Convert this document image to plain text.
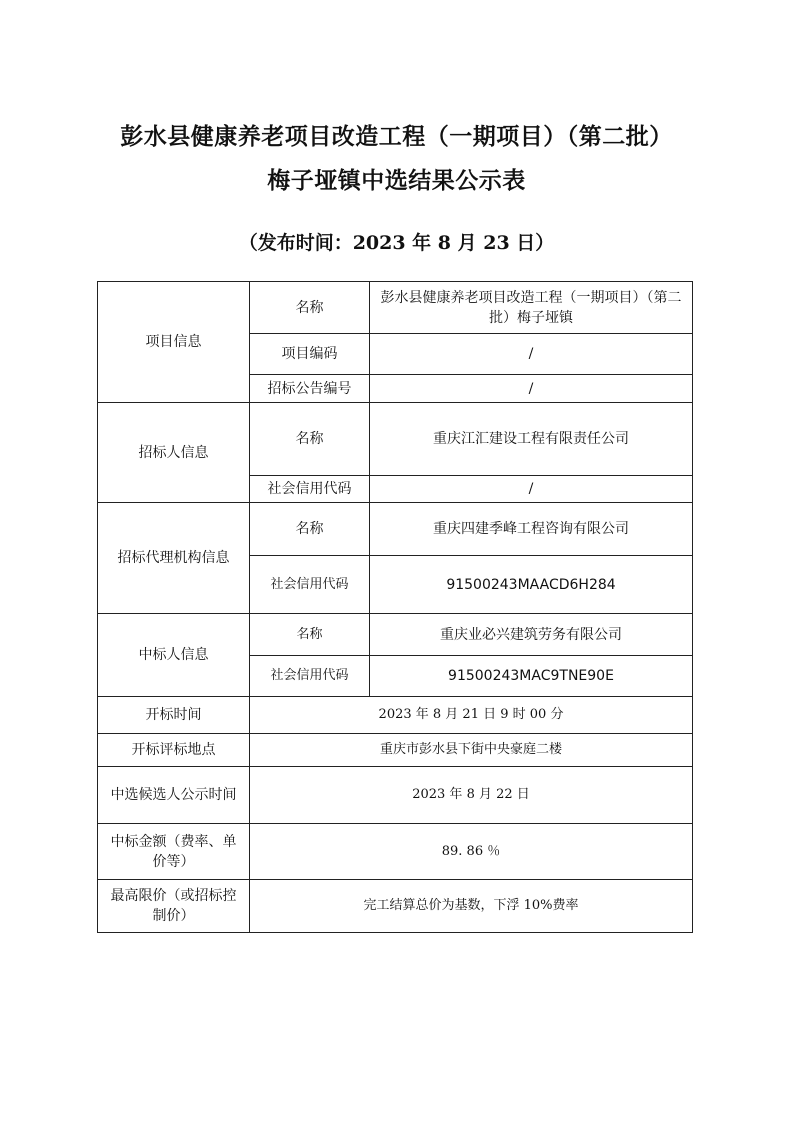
彭水县健康养老项目改造工程（一期项目）（第二批）
梅子垭镇中选结果公示表
（发布时间：2023 年 8 月 23 日）
项目信息	名称	彭水县健康养老项目改造工程（一期项目）（第二批）梅子垭镇
	项目编码	/
	招标公告编号	/
招标人信息	名称	重庆江汇建设工程有限责任公司
	社会信用代码	/
招标代理机构信息	名称	重庆四建季峰工程咨询有限公司
	社会信用代码	91500243MAACD6H284
中标人信息	名称	重庆业必兴建筑劳务有限公司
	社会信用代码	91500243MAC9TNE90E
开标时间	2023 年 8 月 21 日 9 时 00 分	
开标评标地点	重庆市彭水县下街中央豪庭二楼	
中选候选人公示时间	2023 年 8 月 22 日	
中标金额（费率、单价等）	89. 86 ％	
最高限价（或招标控制价）	完工结算总价为基数，下浮 10%费率	
